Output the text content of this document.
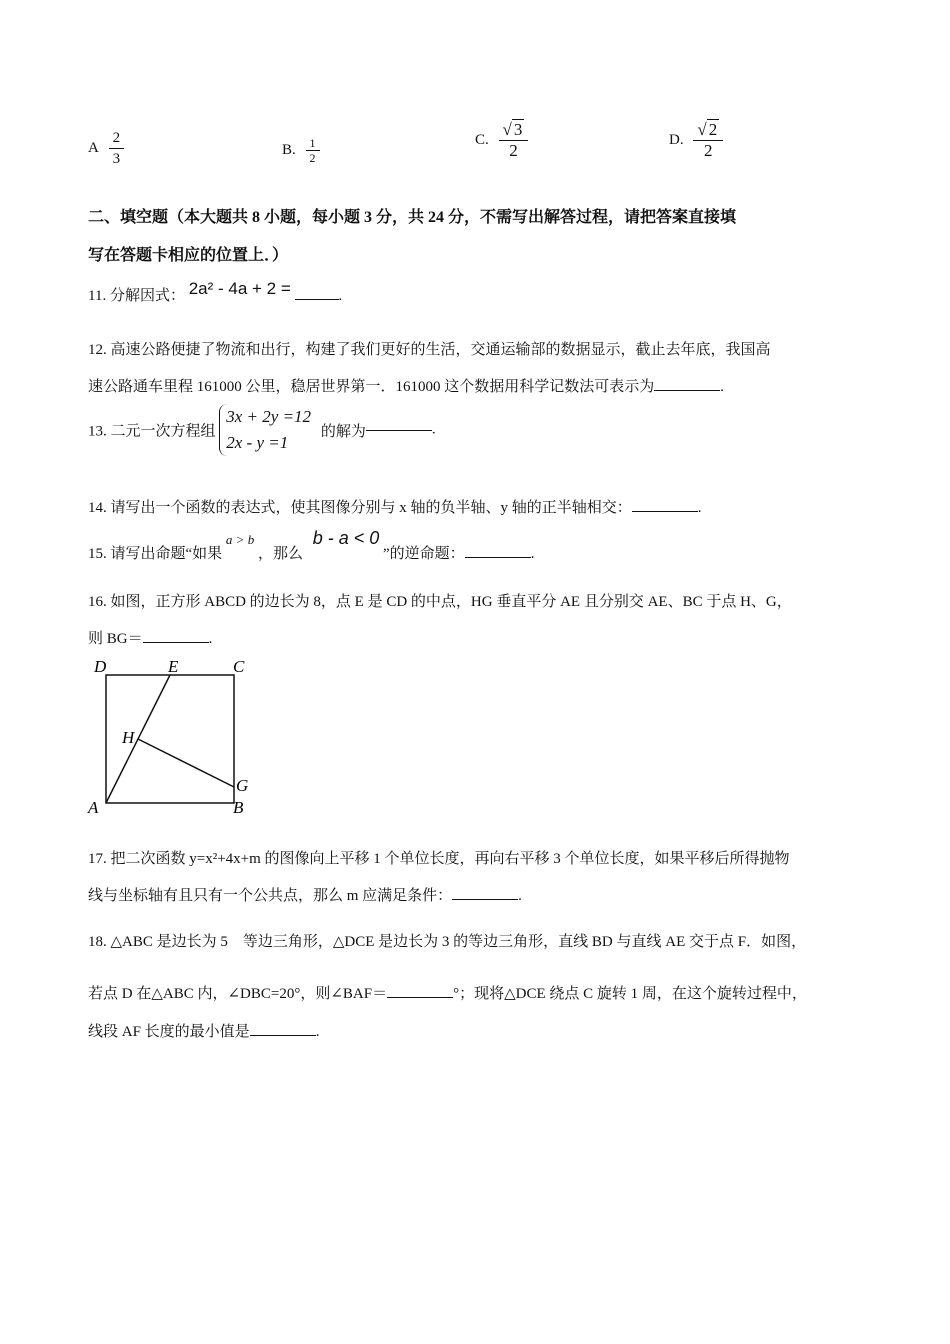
A $\frac{2}{3}$	B. $\frac{1}{2}$	C. $\frac{√ 3}{2}$	D. $\frac{√ 2}{2}$
二、填空题（本大题共 8 小题，每小题 3 分，共 24 分，不需写出解答过程，请把答案直接填
写在答题卡相应的位置上．）
11. 分解因式： 2a² - 4a + 2 =	.
12. 高速公路便捷了物流和出行，构建了我们更好的生活，交通运输部的数据显示，截止去年底，我国高
速公路通车里程 161000 公里，稳居世界第一．161000 这个数据用科学记数法可表示为	.
13. 二元一次方程组 3x + 2y =12
2x - y =1 的解为	.
14. 请写出一个函数的表达式，使其图像分别与 x 轴的负半轴、y 轴的正半轴相交：	.
15. 请写出命题“如果 a > b ，那么 b - a < 0 ”的逆命题：	.
16. 如图，正方形 ABCD 的边长为 8，点 E 是 CD 的中点，HG 垂直平分 AE 且分别交 AE、BC 于点 H、G，
则 BG＝	.
D	E	C
H
G
A	B
17. 把二次函数 y=x²+4x+m 的图像向上平移 1 个单位长度，再向右平移 3 个单位长度，如果平移后所得抛物
线与坐标轴有且只有一个公共点，那么 m 应满足条件：	.
18. △ABC 是边长为 5　等边三角形，△DCE 是边长为 3 的等边三角形，直线 BD 与直线 AE 交于点 F．如图，
若点 D 在△ABC 内，∠DBC=20°，则∠BAF＝	°；现将△DCE 绕点 C 旋转 1 周，在这个旋转过程中，
线段 AF 长度的最小值是	.
